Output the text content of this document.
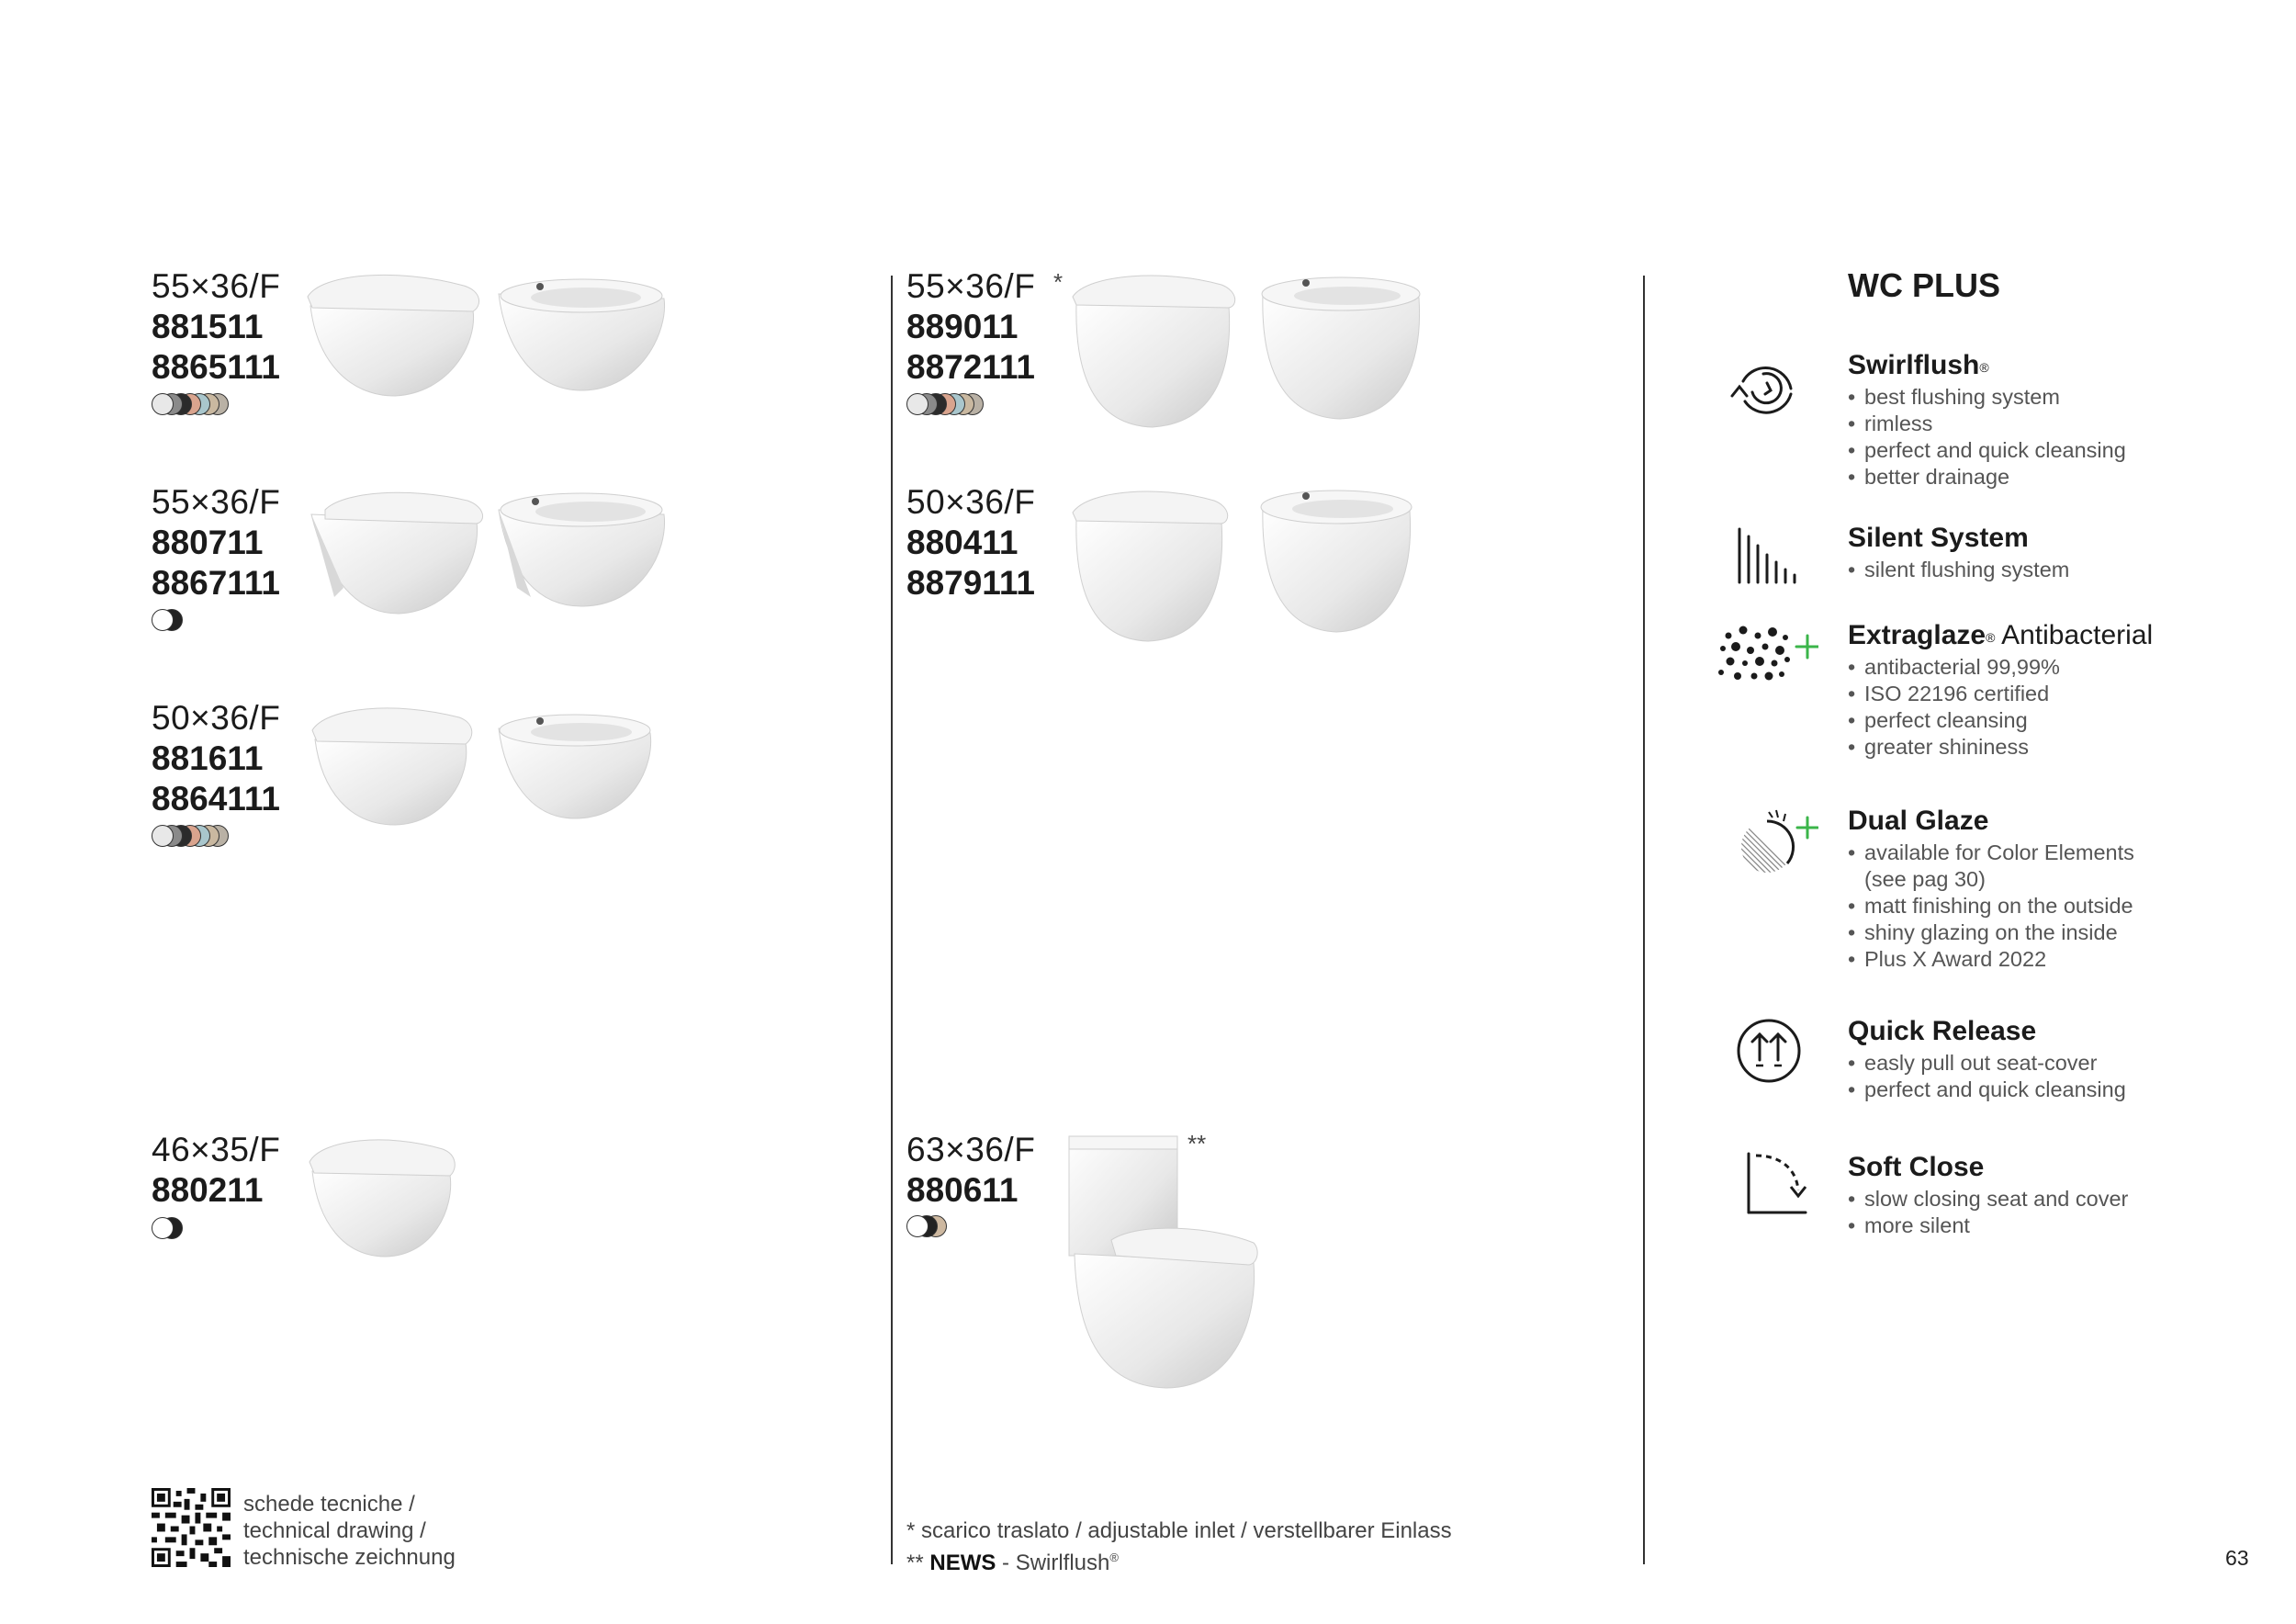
55×36/F
881511
8865111
55×36/F
880711
8867111
50×36/F
881611
8864111
46×35/F
880211
55×36/F
889011
8872111
*
50×36/F
880411
8879111
63×36/F
880611
**
schede tecniche /
technical drawing /
technische zeichnung
* scarico traslato / adjustable inlet / verstellbarer Einlass
** NEWS - Swirlflush®
WC PLUS
Swirlflush®
• best flushing system
• rimless
• perfect and quick cleansing
• better drainage
Silent System
• silent flushing system
Extraglaze® Antibacterial
• antibacterial 99,99%
• ISO 22196 certified
• perfect cleansing
• greater shininess
Dual Glaze
• available for Color Elements
(see pag 30)
• matt finishing on the outside
• shiny glazing on the inside
• Plus X Award 2022
Quick Release
• easly pull out seat-cover
• perfect and quick cleansing
Soft Close
• slow closing seat and cover
• more silent
63
